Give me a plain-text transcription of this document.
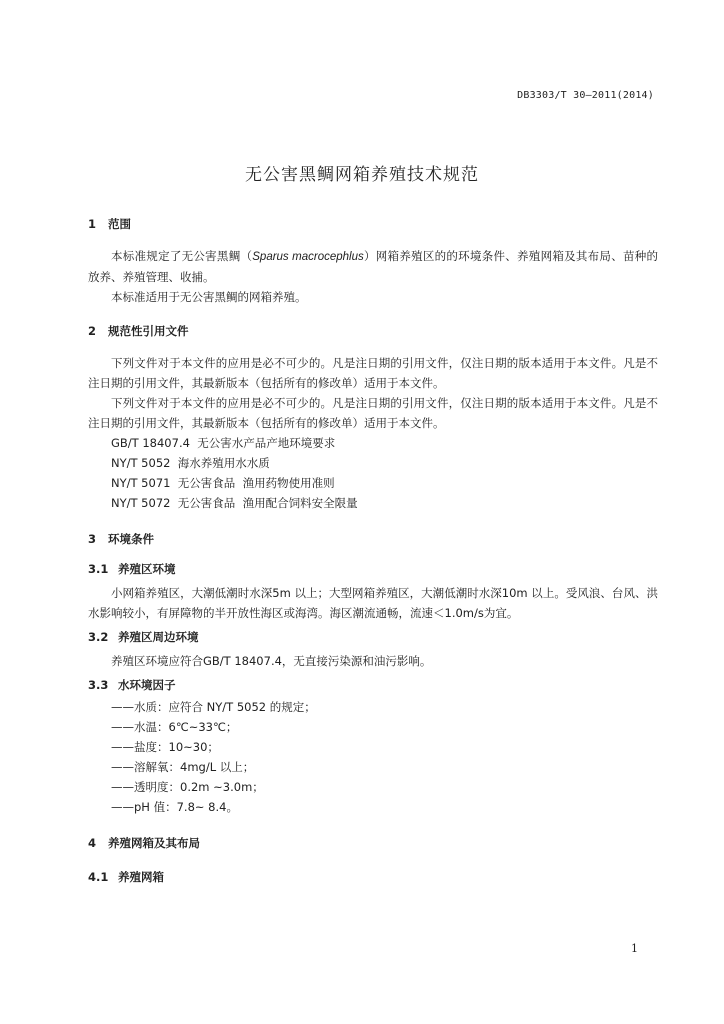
DB3303/T 30—2011(2014)
无公害黑鲷网箱养殖技术规范
1 范围

本标准规定了无公害黑鲷（Sparus macrocephlus）网箱养殖区的的环境条件、养殖网箱及其布局、苗种的放养、养殖管理、收捕。

本标准适用于无公害黑鲷的网箱养殖。

2 规范性引用文件

下列文件对于本文件的应用是必不可少的。凡是注日期的引用文件，仅注日期的版本适用于本文件。凡是不注日期的引用文件，其最新版本（包括所有的修改单）适用于本文件。

下列文件对于本文件的应用是必不可少的。凡是注日期的引用文件，仅注日期的版本适用于本文件。凡是不注日期的引用文件，其最新版本（包括所有的修改单）适用于本文件。

GB/T 18407.4  无公害水产品产地环境要求

NY/T 5052  海水养殖用水水质

NY/T 5071  无公害食品  渔用药物使用准则

NY/T 5072  无公害食品  渔用配合饲料安全限量

3 环境条件
3.1 养殖区环境

小网箱养殖区，大潮低潮时水深5m 以上；大型网箱养殖区，大潮低潮时水深10m 以上。受风浪、台风、洪水影响较小，有屏障物的半开放性海区或海湾。海区潮流通畅，流速＜1.0m/s为宜。

3.2 养殖区周边环境

养殖区环境应符合GB/T 18407.4，无直接污染源和油污影响。

3.3 水环境因子

——水质：应符合 NY/T 5052 的规定；

——水温：6℃~33℃；

——盐度：10~30；

——溶解氧：4mg/L 以上；

——透明度：0.2m ~3.0m；

——pH 值：7.8~ 8.4。

4 养殖网箱及其布局
4.1 养殖网箱
1
